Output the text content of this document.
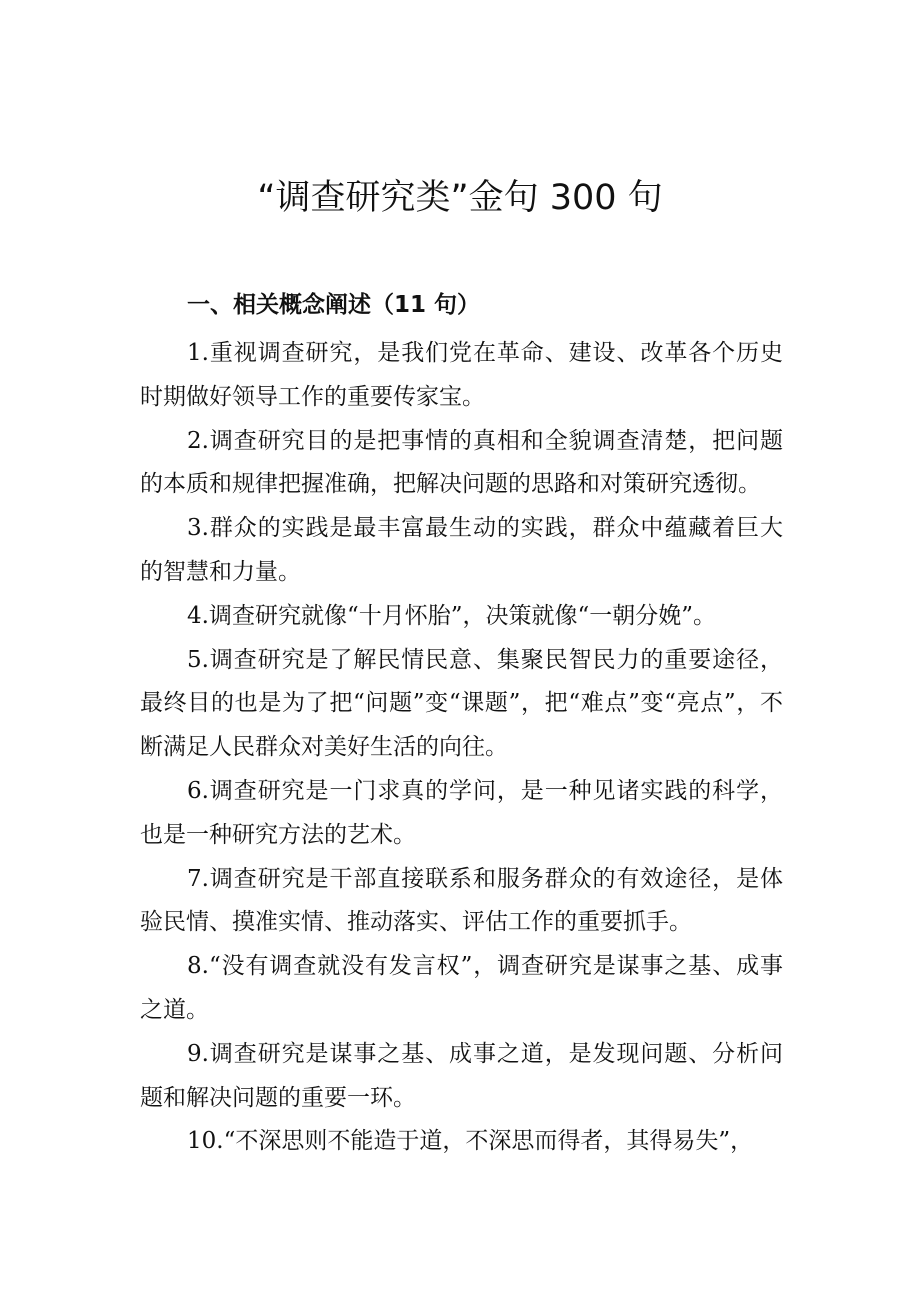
“调查研究类”金句 300 句
一、相关概念阐述（11 句）

1.重视调查研究，是我们党在革命、建设、改革各个历史时期做好领导工作的重要传家宝。

2.调查研究目的是把事情的真相和全貌调查清楚，把问题的本质和规律把握准确，把解决问题的思路和对策研究透彻。

3.群众的实践是最丰富最生动的实践，群众中蕴藏着巨大的智慧和力量。

4.调查研究就像“十月怀胎”，决策就像“一朝分娩”。

5.调查研究是了解民情民意、集聚民智民力的重要途径，最终目的也是为了把“问题”变“课题”，把“难点”变“亮点”，不断满足人民群众对美好生活的向往。

6.调查研究是一门求真的学问，是一种见诸实践的科学，也是一种研究方法的艺术。

7.调查研究是干部直接联系和服务群众的有效途径，是体验民情、摸准实情、推动落实、评估工作的重要抓手。

8.“没有调查就没有发言权”，调查研究是谋事之基、成事之道。

9.调查研究是谋事之基、成事之道，是发现问题、分析问题和解决问题的重要一环。

10.“不深思则不能造于道，不深思而得者，其得易失”，
